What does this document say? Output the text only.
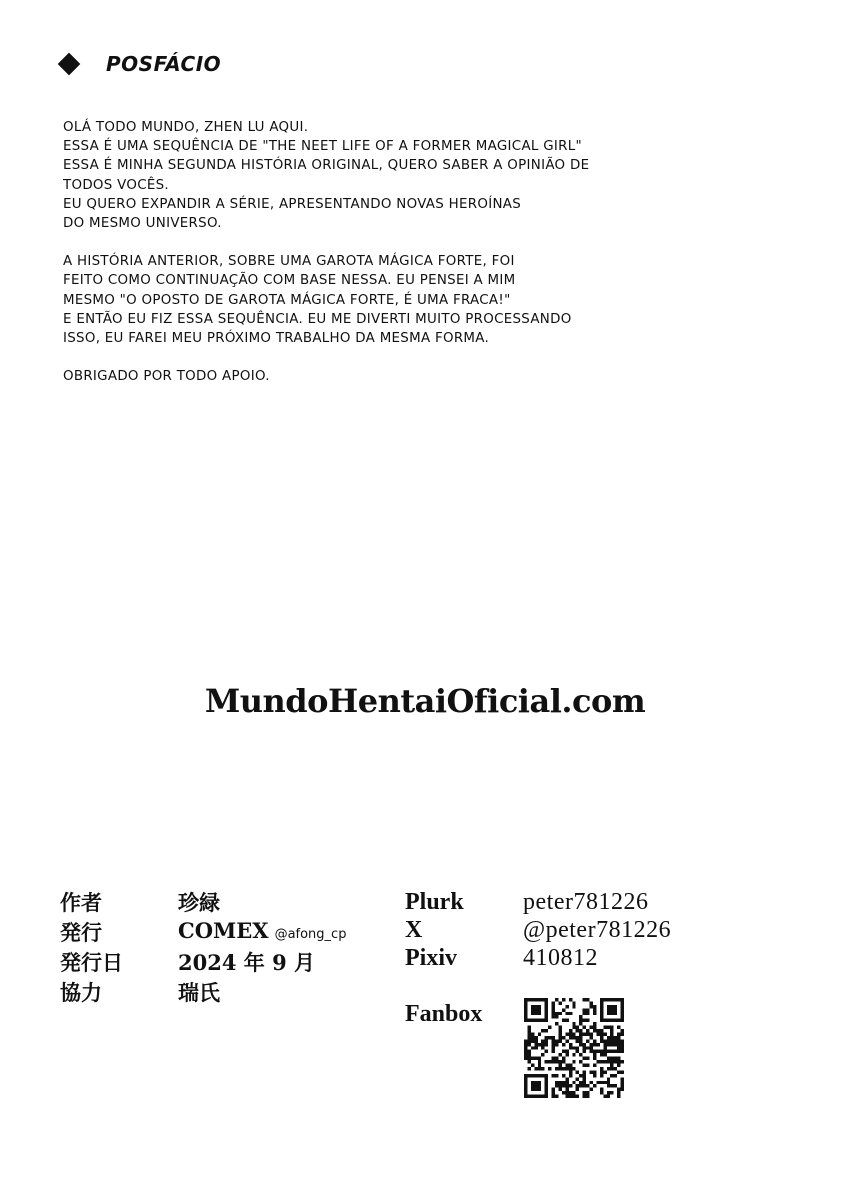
POSFÁCIO

OLÁ TODO MUNDO, ZHEN LU AQUI.
ESSA É UMA SEQUÊNCIA DE "THE NEET LIFE OF A FORMER MAGICAL GIRL"
ESSA É MINHA SEGUNDA HISTÓRIA ORIGINAL, QUERO SABER A OPINIÃO DE
TODOS VOCÊS.
EU QUERO EXPANDIR A SÉRIE, APRESENTANDO NOVAS HEROÍNAS
DO MESMO UNIVERSO.

A HISTÓRIA ANTERIOR, SOBRE UMA GAROTA MÁGICA FORTE, FOI
FEITO COMO CONTINUAÇÃO COM BASE NESSA. EU PENSEI A MIM
MESMO "O OPOSTO DE GAROTA MÁGICA FORTE, É UMA FRACA!"
E ENTÃO EU FIZ ESSA SEQUÊNCIA. EU ME DIVERTI MUITO PROCESSANDO
ISSO, EU FAREI MEU PRÓXIMO TRABALHO DA MESMA FORMA.

OBRIGADO POR TODO APOIO.

MundoHentaiOficial.com
作者	珍緑
発行	COMEX @afong_cp
発行日	2024 年 9 月
協力	瑞氏
Plurk	peter781226
X	@peter781226
Pixiv	410812
Fanbox
